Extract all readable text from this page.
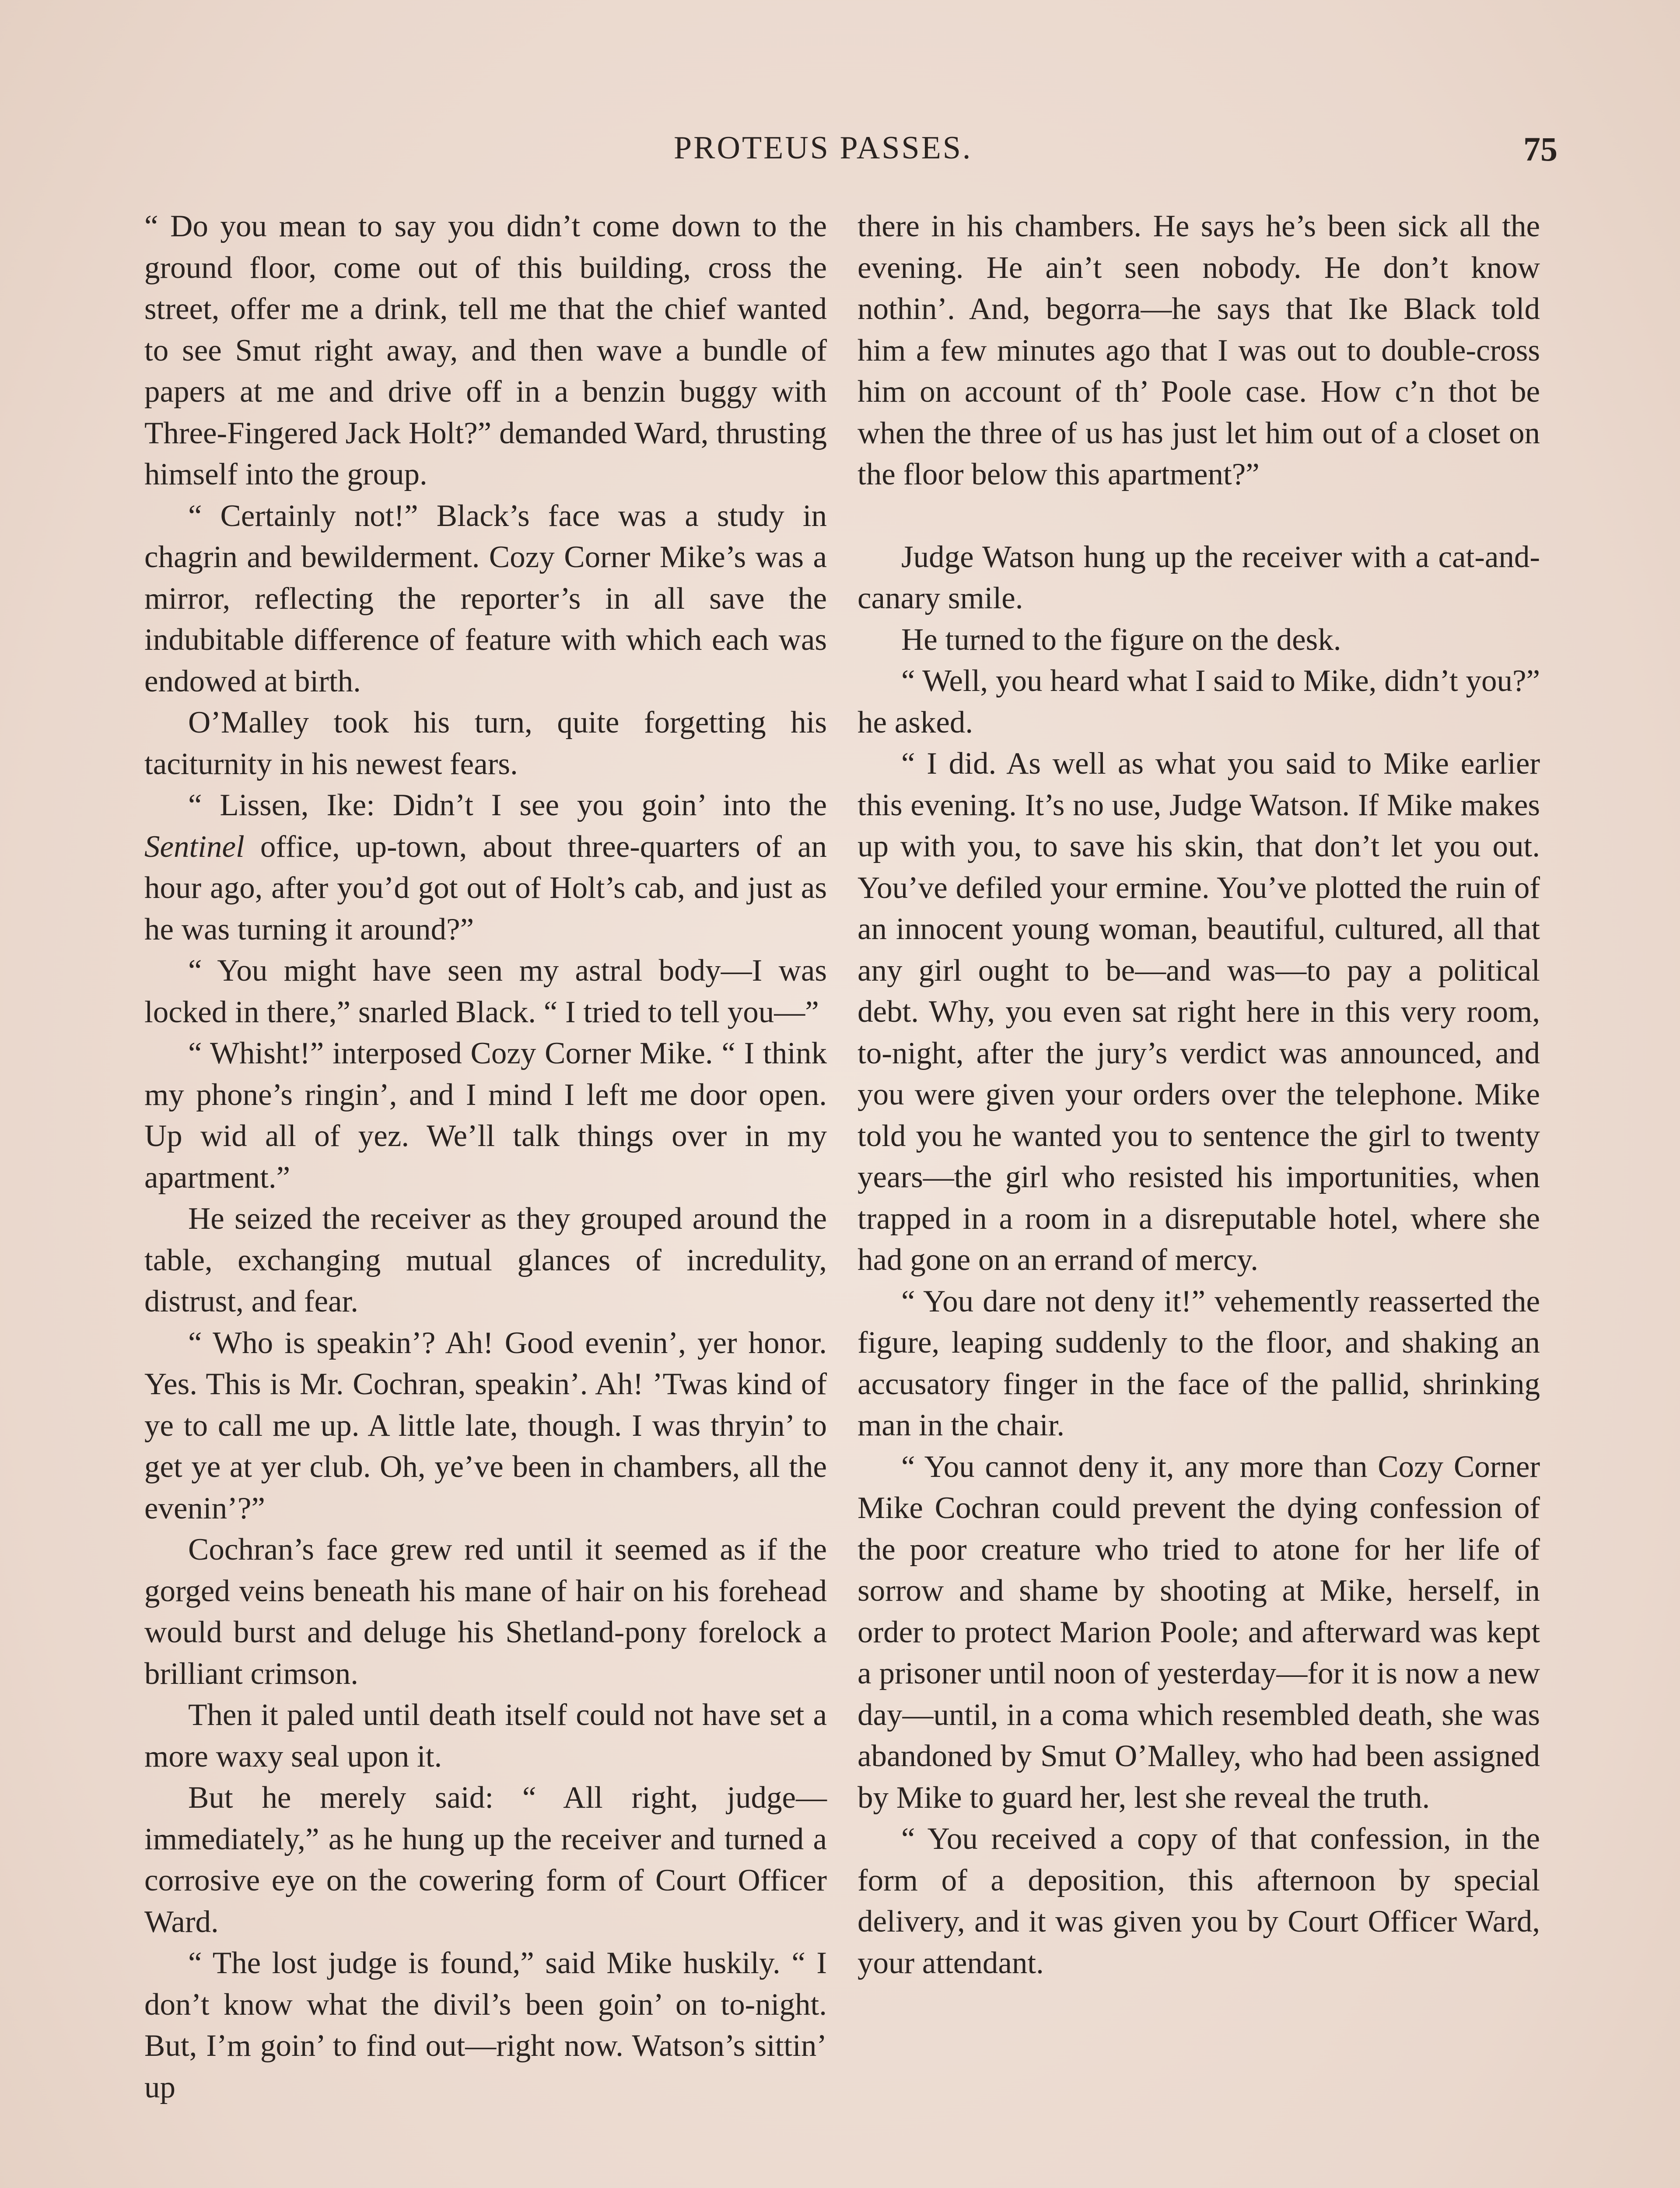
PROTEUS PASSES.	75

“ Do you mean to say you didn’t come down to the ground floor, come out of this building, cross the street, offer me a drink, tell me that the chief wanted to see Smut right away, and then wave a bundle of papers at me and drive off in a benzin buggy with Three-Fingered Jack Holt?” demanded Ward, thrusting himself into the group.

“ Certainly not!” Black’s face was a study in chagrin and bewilderment. Cozy Corner Mike’s was a mirror, reflecting the reporter’s in all save the indubitable difference of feature with which each was endowed at birth.

O’Malley took his turn, quite forgetting his taciturnity in his newest fears.

“ Lissen, Ike: Didn’t I see you goin’ into the Sentinel office, up-town, about three-quarters of an hour ago, after you’d got out of Holt’s cab, and just as he was turning it around?”

“ You might have seen my astral body—I was locked in there,” snarled Black. “ I tried to tell you—”

“ Whisht!” interposed Cozy Corner Mike. “ I think my phone’s ringin’, and I mind I left me door open. Up wid all of yez. We’ll talk things over in my apartment.”

He seized the receiver as they grouped around the table, exchanging mutual glances of incredulity, distrust, and fear.

“ Who is speakin’? Ah! Good evenin’, yer honor. Yes. This is Mr. Cochran, speakin’. Ah! ’Twas kind of ye to call me up. A little late, though. I was thryin’ to get ye at yer club. Oh, ye’ve been in chambers, all the evenin’?”

Cochran’s face grew red until it seemed as if the gorged veins beneath his mane of hair on his forehead would burst and deluge his Shetland-pony forelock a brilliant crimson.

Then it paled until death itself could not have set a more waxy seal upon it.

But he merely said: “ All right, judge—immediately,” as he hung up the receiver and turned a corrosive eye on the cowering form of Court Officer Ward.

“ The lost judge is found,” said Mike huskily. “ I don’t know what the divil’s been goin’ on to-night. But, I’m goin’ to find out—right now. Watson’s sittin’ up

there in his chambers. He says he’s been sick all the evening. He ain’t seen nobody. He don’t know nothin’. And, begorra—he says that Ike Black told him a few minutes ago that I was out to double-cross him on account of th’ Poole case. How c’n thot be when the three of us has just let him out of a closet on the floor below this apartment?”

Judge Watson hung up the receiver with a cat-and-canary smile.

He turned to the figure on the desk.

“ Well, you heard what I said to Mike, didn’t you?” he asked.

“ I did. As well as what you said to Mike earlier this evening. It’s no use, Judge Watson. If Mike makes up with you, to save his skin, that don’t let you out. You’ve defiled your ermine. You’ve plotted the ruin of an innocent young woman, beautiful, cultured, all that any girl ought to be—and was—to pay a political debt. Why, you even sat right here in this very room, to-night, after the jury’s verdict was announced, and you were given your orders over the telephone. Mike told you he wanted you to sentence the girl to twenty years—the girl who resisted his importunities, when trapped in a room in a disreputable hotel, where she had gone on an errand of mercy.

“ You dare not deny it!” vehemently reasserted the figure, leaping suddenly to the floor, and shaking an accusatory finger in the face of the pallid, shrinking man in the chair.

“ You cannot deny it, any more than Cozy Corner Mike Cochran could prevent the dying confession of the poor creature who tried to atone for her life of sorrow and shame by shooting at Mike, herself, in order to protect Marion Poole; and afterward was kept a prisoner until noon of yesterday—for it is now a new day—until, in a coma which resembled death, she was abandoned by Smut O’Malley, who had been assigned by Mike to guard her, lest she reveal the truth.

“ You received a copy of that confession, in the form of a deposition, this afternoon by special delivery, and it was given you by Court Officer Ward, your attendant.
